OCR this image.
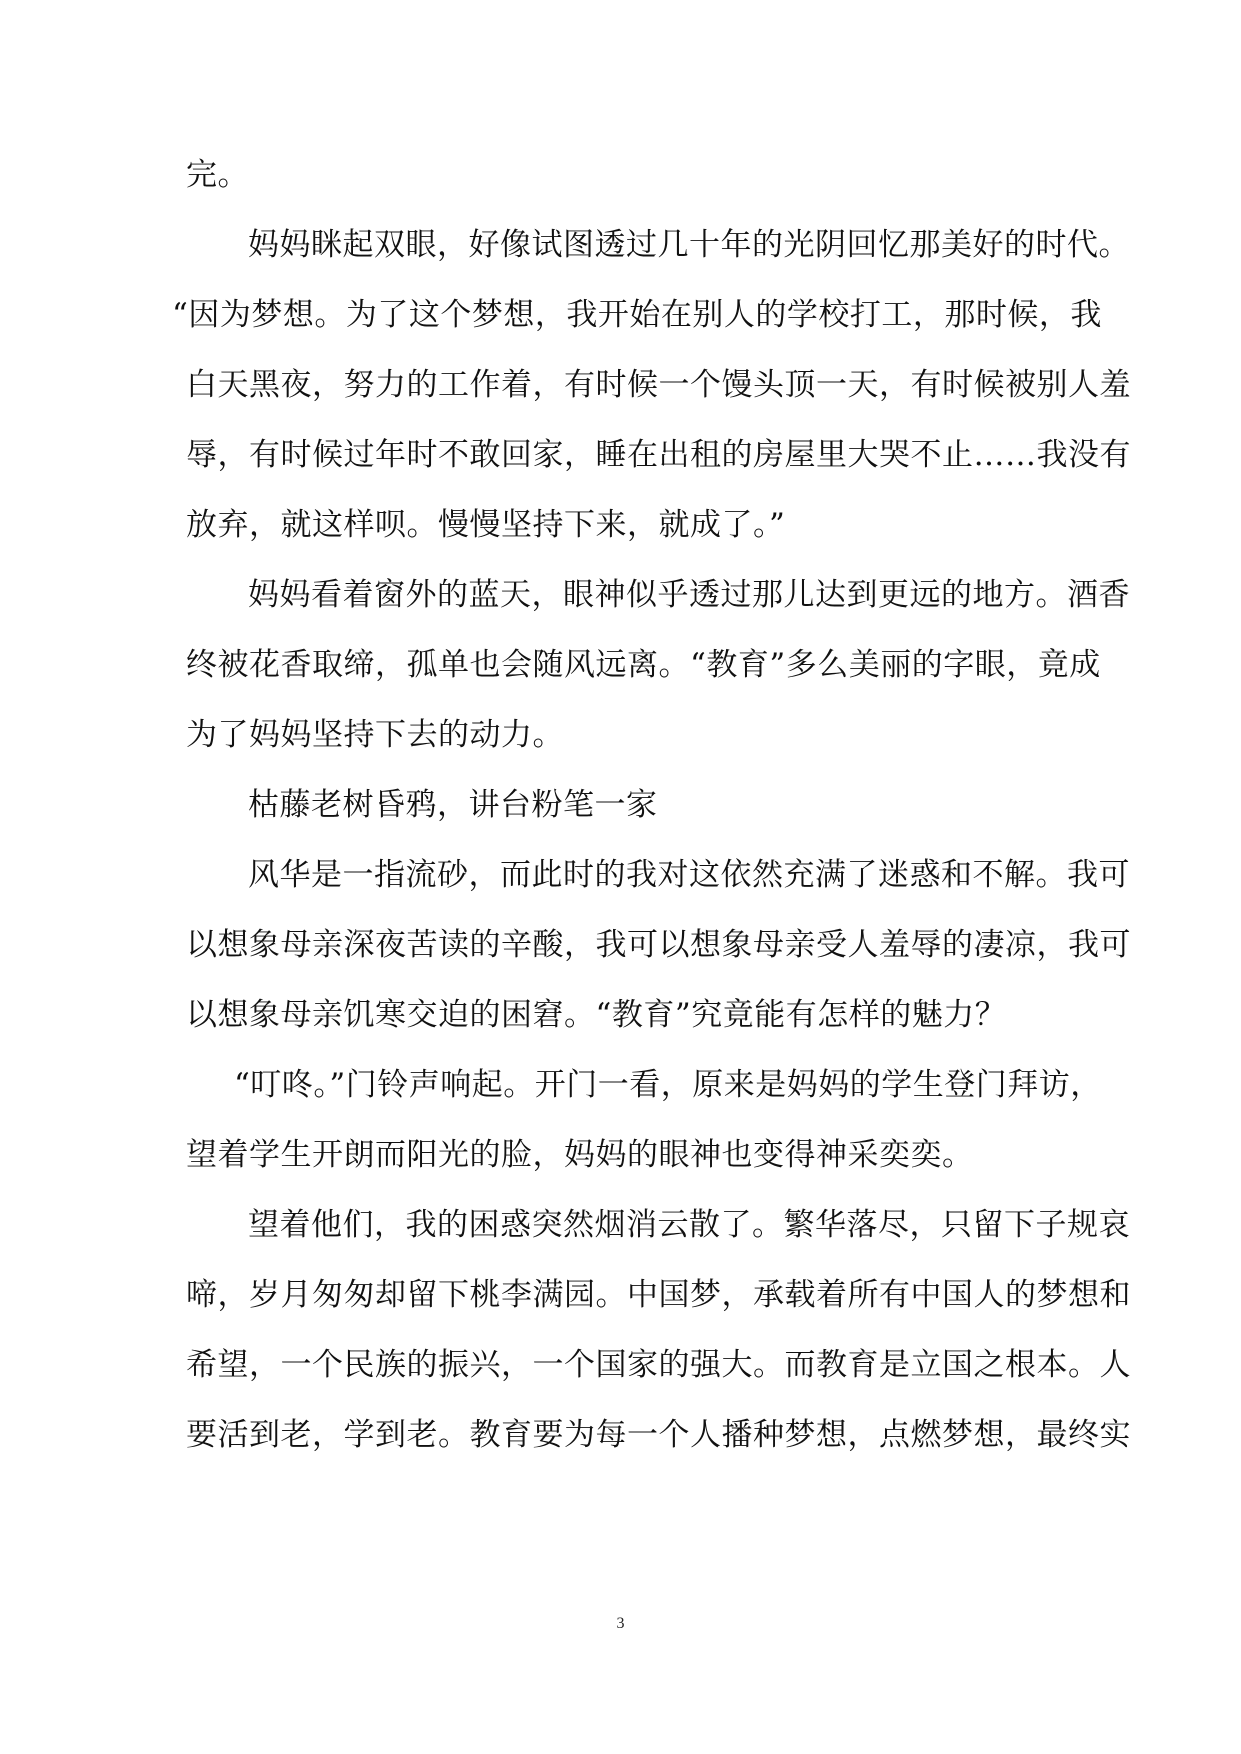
完。
妈妈眯起双眼，好像试图透过几十年的光阴回忆那美好的时代。
“因为梦想。为了这个梦想，我开始在别人的学校打工，那时候，我
白天黑夜，努力的工作着，有时候一个馒头顶一天，有时候被别人羞
辱，有时候过年时不敢回家，睡在出租的房屋里大哭不止……我没有
放弃，就这样呗。慢慢坚持下来，就成了。”
妈妈看着窗外的蓝天，眼神似乎透过那儿达到更远的地方。酒香
终被花香取缔，孤单也会随风远离。“教育”多么美丽的字眼，竟成
为了妈妈坚持下去的动力。
枯藤老树昏鸦，讲台粉笔一家
风华是一指流砂，而此时的我对这依然充满了迷惑和不解。我可
以想象母亲深夜苦读的辛酸，我可以想象母亲受人羞辱的凄凉，我可
以想象母亲饥寒交迫的困窘。“教育”究竟能有怎样的魅力？
“叮咚。”门铃声响起。开门一看，原来是妈妈的学生登门拜访，
望着学生开朗而阳光的脸，妈妈的眼神也变得神采奕奕。
望着他们，我的困惑突然烟消云散了。繁华落尽，只留下子规哀
啼，岁月匆匆却留下桃李满园。中国梦，承载着所有中国人的梦想和
希望，一个民族的振兴，一个国家的强大。而教育是立国之根本。人
要活到老，学到老。教育要为每一个人播种梦想，点燃梦想，最终实
3
